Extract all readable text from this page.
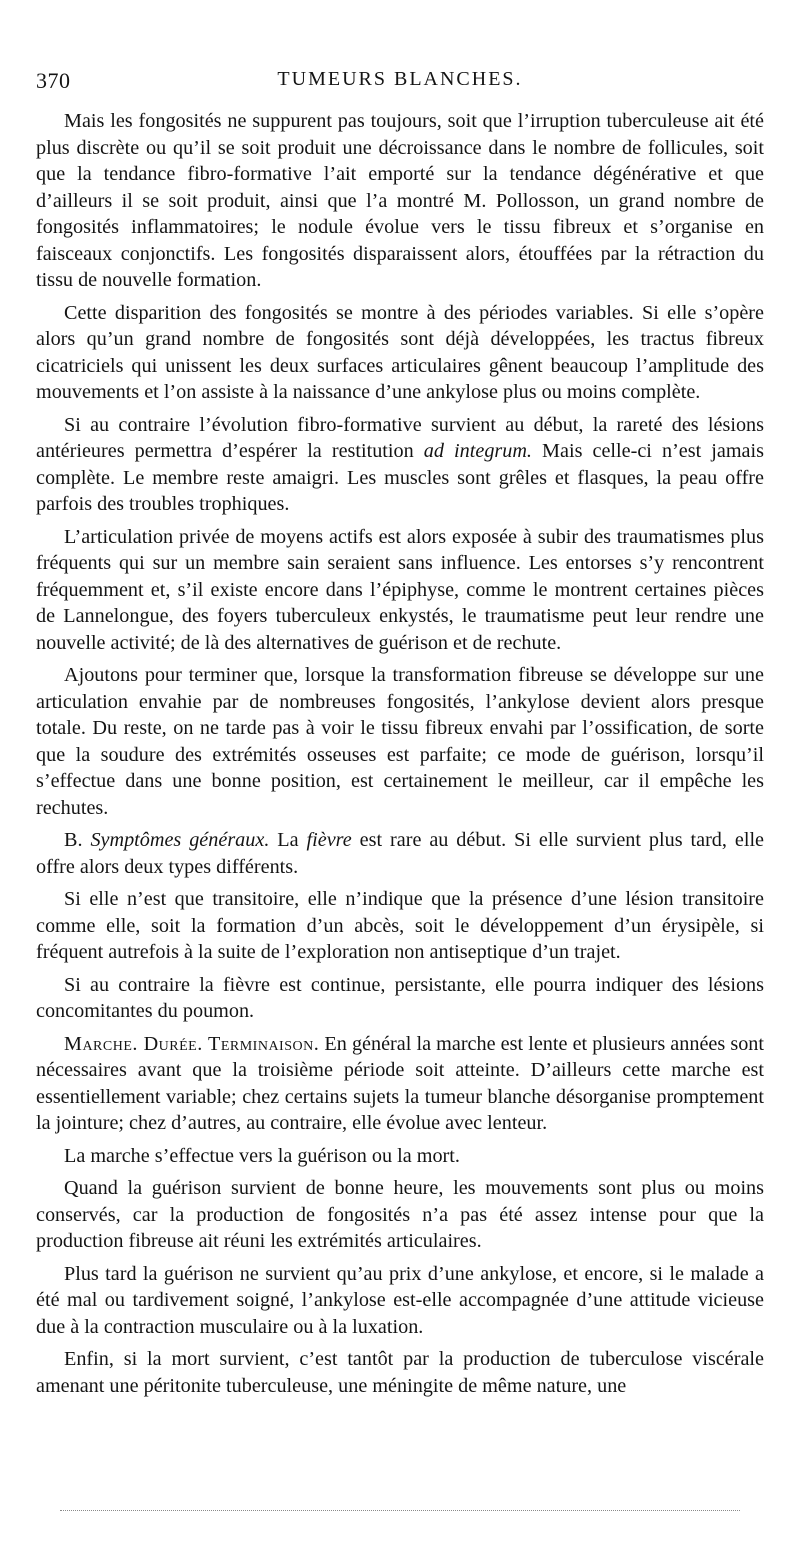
370	TUMEURS BLANCHES.

Mais les fongosités ne suppurent pas toujours, soit que l’irruption tuberculeuse ait été plus discrète ou qu’il se soit produit une décroissance dans le nombre de follicules, soit que la tendance fibro-formative l’ait emporté sur la tendance dégénérative et que d’ailleurs il se soit produit, ainsi que l’a montré M. Pollosson, un grand nombre de fongosités inflammatoires; le nodule évolue vers le tissu fibreux et s’organise en faisceaux conjonctifs. Les fongosités disparaissent alors, étouffées par la rétraction du tissu de nouvelle formation.

Cette disparition des fongosités se montre à des périodes variables. Si elle s’opère alors qu’un grand nombre de fongosités sont déjà développées, les tractus fibreux cicatriciels qui unissent les deux surfaces articulaires gênent beaucoup l’amplitude des mouvements et l’on assiste à la naissance d’une ankylose plus ou moins complète.

Si au contraire l’évolution fibro-formative survient au début, la rareté des lésions antérieures permettra d’espérer la restitution ad integrum. Mais celle-ci n’est jamais complète. Le membre reste amaigri. Les muscles sont grêles et flasques, la peau offre parfois des troubles trophiques.

L’articulation privée de moyens actifs est alors exposée à subir des traumatismes plus fréquents qui sur un membre sain seraient sans influence. Les entorses s’y rencontrent fréquemment et, s’il existe encore dans l’épiphyse, comme le montrent certaines pièces de Lannelongue, des foyers tuberculeux enkystés, le traumatisme peut leur rendre une nouvelle activité; de là des alternatives de guérison et de rechute.

Ajoutons pour terminer que, lorsque la transformation fibreuse se développe sur une articulation envahie par de nombreuses fongosités, l’ankylose devient alors presque totale. Du reste, on ne tarde pas à voir le tissu fibreux envahi par l’ossification, de sorte que la soudure des extrémités osseuses est parfaite; ce mode de guérison, lorsqu’il s’effectue dans une bonne position, est certainement le meilleur, car il empêche les rechutes.

B. Symptômes généraux. La fièvre est rare au début. Si elle survient plus tard, elle offre alors deux types différents.

Si elle n’est que transitoire, elle n’indique que la présence d’une lésion transitoire comme elle, soit la formation d’un abcès, soit le développement d’un érysipèle, si fréquent autrefois à la suite de l’exploration non antiseptique d’un trajet.

Si au contraire la fièvre est continue, persistante, elle pourra indiquer des lésions concomitantes du poumon.

Marche. Durée. Terminaison. En général la marche est lente et plusieurs années sont nécessaires avant que la troisième période soit atteinte. D’ailleurs cette marche est essentiellement variable; chez certains sujets la tumeur blanche désorganise promptement la jointure; chez d’autres, au contraire, elle évolue avec lenteur.

La marche s’effectue vers la guérison ou la mort.

Quand la guérison survient de bonne heure, les mouvements sont plus ou moins conservés, car la production de fongosités n’a pas été assez intense pour que la production fibreuse ait réuni les extrémités articulaires.

Plus tard la guérison ne survient qu’au prix d’une ankylose, et encore, si le malade a été mal ou tardivement soigné, l’ankylose est-elle accompagnée d’une attitude vicieuse due à la contraction musculaire ou à la luxation.

Enfin, si la mort survient, c’est tantôt par la production de tuberculose viscérale amenant une péritonite tuberculeuse, une méningite de même nature, une
